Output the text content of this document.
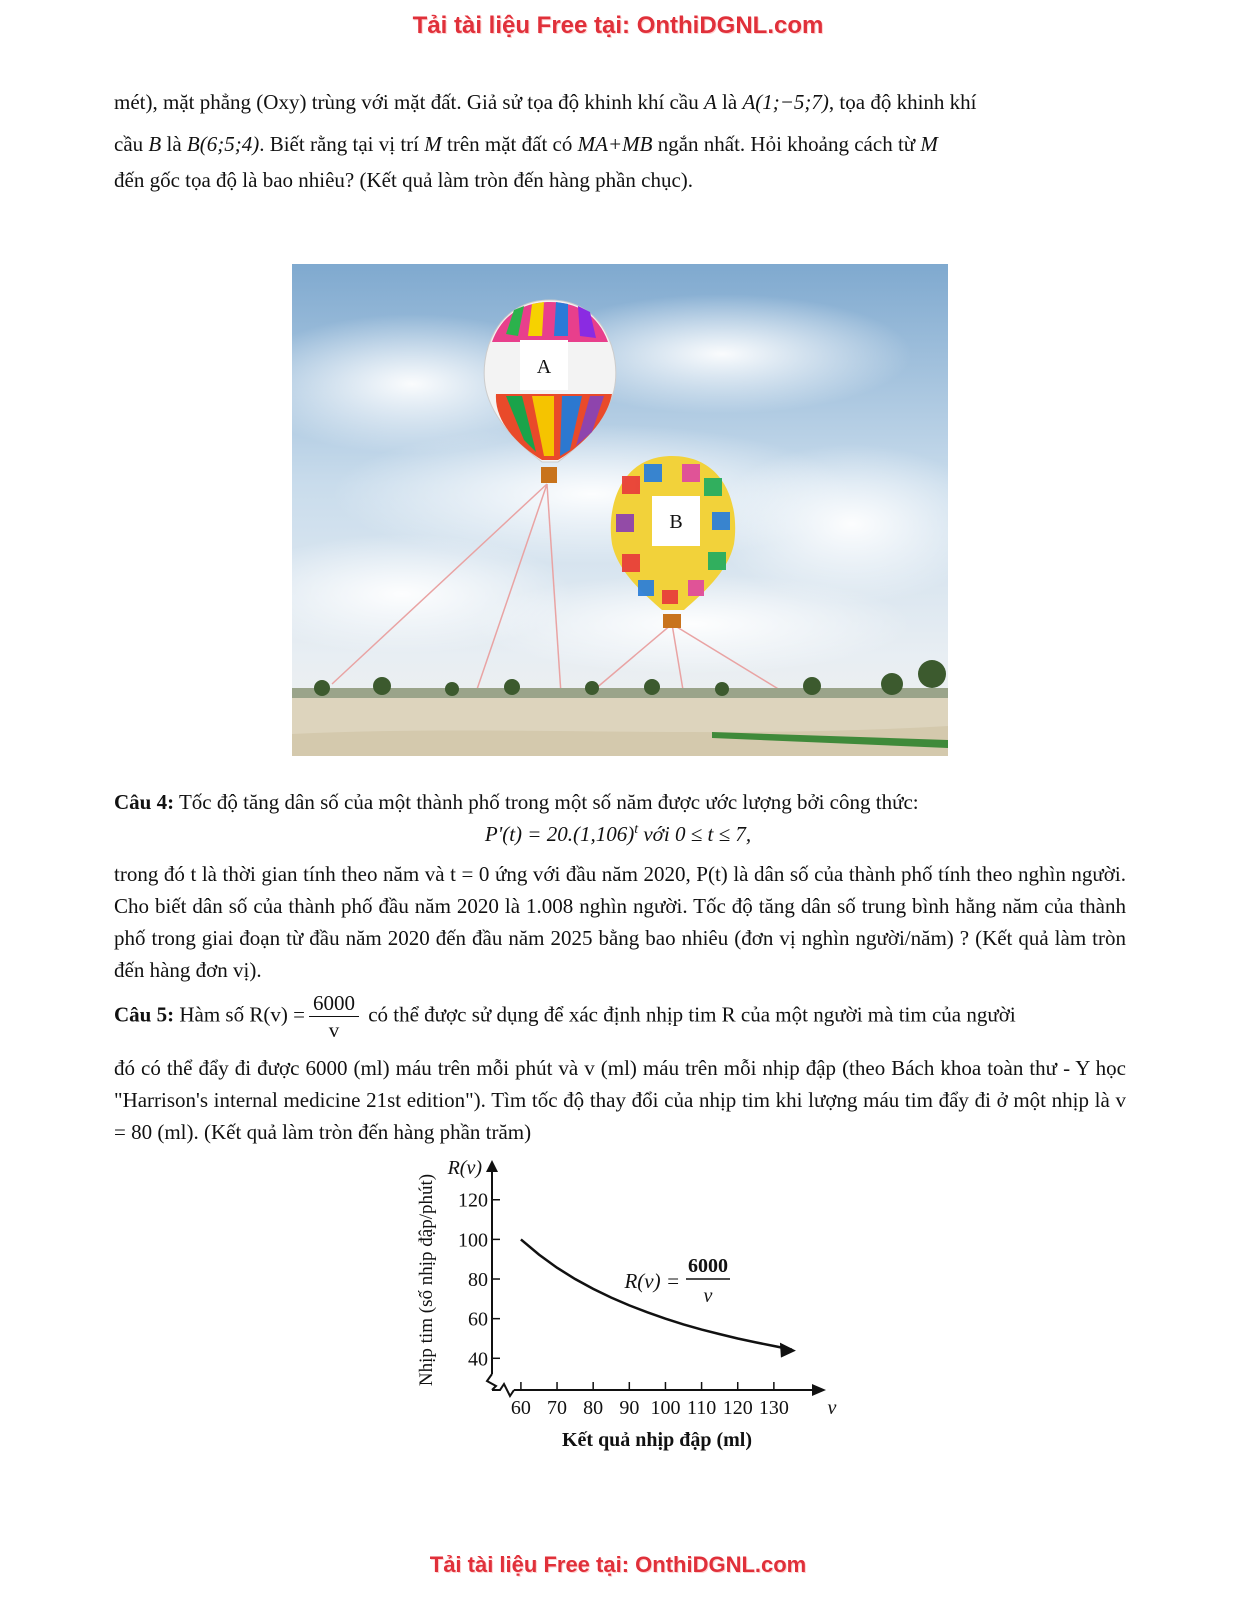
Tải tài liệu Free tại: OnthiDGNL.com
mét), mặt phẳng (Oxy) trùng với mặt đất. Giả sử tọa độ khinh khí cầu A là A(1;−5;7), tọa độ khinh khí
cầu B là B(6;5;4). Biết rằng tại vị trí M trên mặt đất có MA+MB ngắn nhất. Hỏi khoảng cách từ M
đến gốc tọa độ là bao nhiêu? (Kết quả làm tròn đến hàng phần chục).
A
B
Câu 4: Tốc độ tăng dân số của một thành phố trong một số năm được ước lượng bởi công thức:
$P'(t) = 20.(1,106)^t$ với 0 ≤ t ≤ 7,
trong đó t là thời gian tính theo năm và t = 0 ứng với đầu năm 2020, P(t) là dân số của thành phố tính theo nghìn người. Cho biết dân số của thành phố đầu năm 2020 là 1.008 nghìn người. Tốc độ tăng dân số trung bình hằng năm của thành phố trong giai đoạn từ đầu năm 2020 đến đầu năm 2025 bằng bao nhiêu (đơn vị nghìn người/năm) ? (Kết quả làm tròn đến hàng đơn vị).
Câu 5: Hàm số $R(v) = \frac{6000}{v}$ có thể được sử dụng để xác định nhịp tim R của một người mà tim của người
đó có thể đẩy đi được 6000 (ml) máu trên mỗi phút và v (ml) máu trên mỗi nhịp đập (theo Bách khoa toàn thư - Y học "Harrison's internal medicine 21st edition"). Tìm tốc độ thay đổi của nhịp tim khi lượng máu tim đẩy đi ở một nhịp là v = 80 (ml). (Kết quả làm tròn đến hàng phần trăm)
40
60
80
100
120
60 70 80 90 100 110 120 130 v
R(v)
Kết quả nhịp đập (ml)
Nhịp tim (số nhịp đập/phút)	R(v) =
6000
v
Tải tài liệu Free tại: OnthiDGNL.com
